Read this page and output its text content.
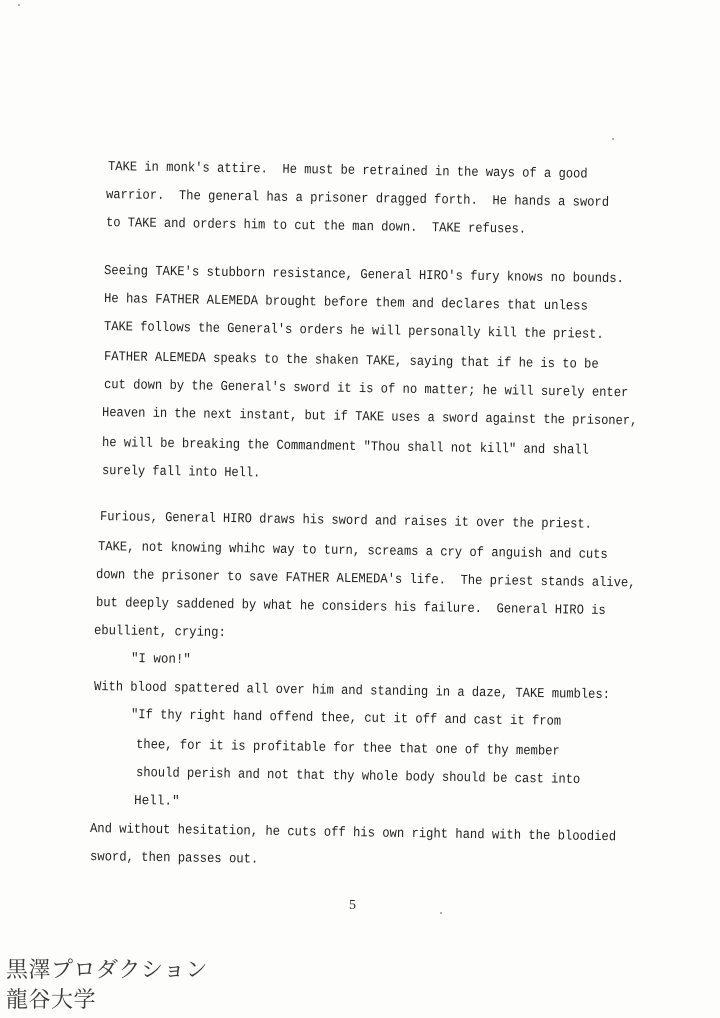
TAKE in monk's attire.  He must be retrained in the ways of a good
warrior.  The general has a prisoner dragged forth.  He hands a sword
to TAKE and orders him to cut the man down.  TAKE refuses.
Seeing TAKE's stubborn resistance, General HIRO's fury knows no bounds.
He has FATHER ALEMEDA brought before them and declares that unless
TAKE follows the General's orders he will personally kill the priest.
FATHER ALEMEDA speaks to the shaken TAKE, saying that if he is to be
cut down by the General's sword it is of no matter; he will surely enter
Heaven in the next instant, but if TAKE uses a sword against the prisoner,
he will be breaking the Commandment "Thou shall not kill" and shall
surely fall into Hell.
Furious, General HIRO draws his sword and raises it over the priest.
TAKE, not knowing whihc way to turn, screams a cry of anguish and cuts
down the prisoner to save FATHER ALEMEDA's life.  The priest stands alive,
but deeply saddened by what he considers his failure.  General HIRO is
ebullient, crying:
"I won!"
With blood spattered all over him and standing in a daze, TAKE mumbles:
"If thy right hand offend thee, cut it off and cast it from
thee, for it is profitable for thee that one of thy member
should perish and not that thy whole body should be cast into
Hell."
And without hesitation, he cuts off his own right hand with the bloodied
sword, then passes out.
5
黒澤プロダクション
龍谷大学
